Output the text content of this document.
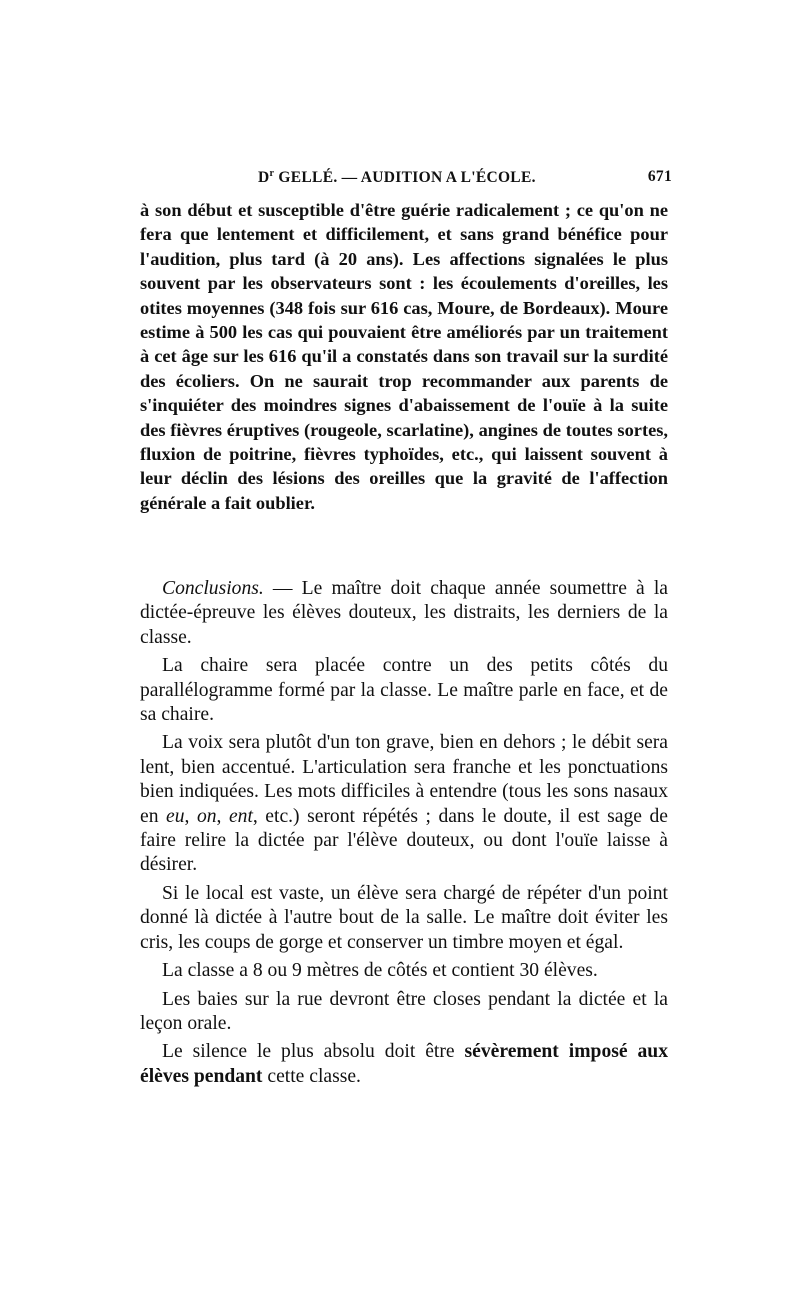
$D^r$ GELLÉ. — AUDITION A L'ÉCOLE.	671

à son début et susceptible d'être guérie radicalement ; ce qu'on ne fera que lentement et difficilement, et sans grand bénéfice pour l'audition, plus tard (à 20 ans). Les affections signalées le plus souvent par les observateurs sont : les écoulements d'oreilles, les otites moyennes (348 fois sur 616 cas, Moure, de Bordeaux). Moure estime à 500 les cas qui pouvaient être améliorés par un traitement à cet âge sur les 616 qu'il a constatés dans son travail sur la surdité des écoliers. On ne saurait trop recommander aux parents de s'inquiéter des moindres signes d'abaissement de l'ouïe à la suite des fièvres éruptives (rougeole, scarlatine), angines de toutes sortes, fluxion de poitrine, fièvres typhoïdes, etc., qui laissent souvent à leur déclin des lésions des oreilles que la gravité de l'affection générale a fait oublier.

Conclusions. — Le maître doit chaque année soumettre à la dictée-épreuve les élèves douteux, les distraits, les derniers de la classe.

La chaire sera placée contre un des petits côtés du parallélogramme formé par la classe. Le maître parle en face, et de sa chaire.

La voix sera plutôt d'un ton grave, bien en dehors ; le débit sera lent, bien accentué. L'articulation sera franche et les ponctuations bien indiquées. Les mots difficiles à entendre (tous les sons nasaux en eu, on, ent, etc.) seront répétés ; dans le doute, il est sage de faire relire la dictée par l'élève douteux, ou dont l'ouïe laisse à désirer.

Si le local est vaste, un élève sera chargé de répéter d'un point donné là dictée à l'autre bout de la salle. Le maître doit éviter les cris, les coups de gorge et conserver un timbre moyen et égal.

La classe a 8 ou 9 mètres de côtés et contient 30 élèves.

Les baies sur la rue devront être closes pendant la dictée et la leçon orale.

Le silence le plus absolu doit être sévèrement imposé aux élèves pendant cette classe.
